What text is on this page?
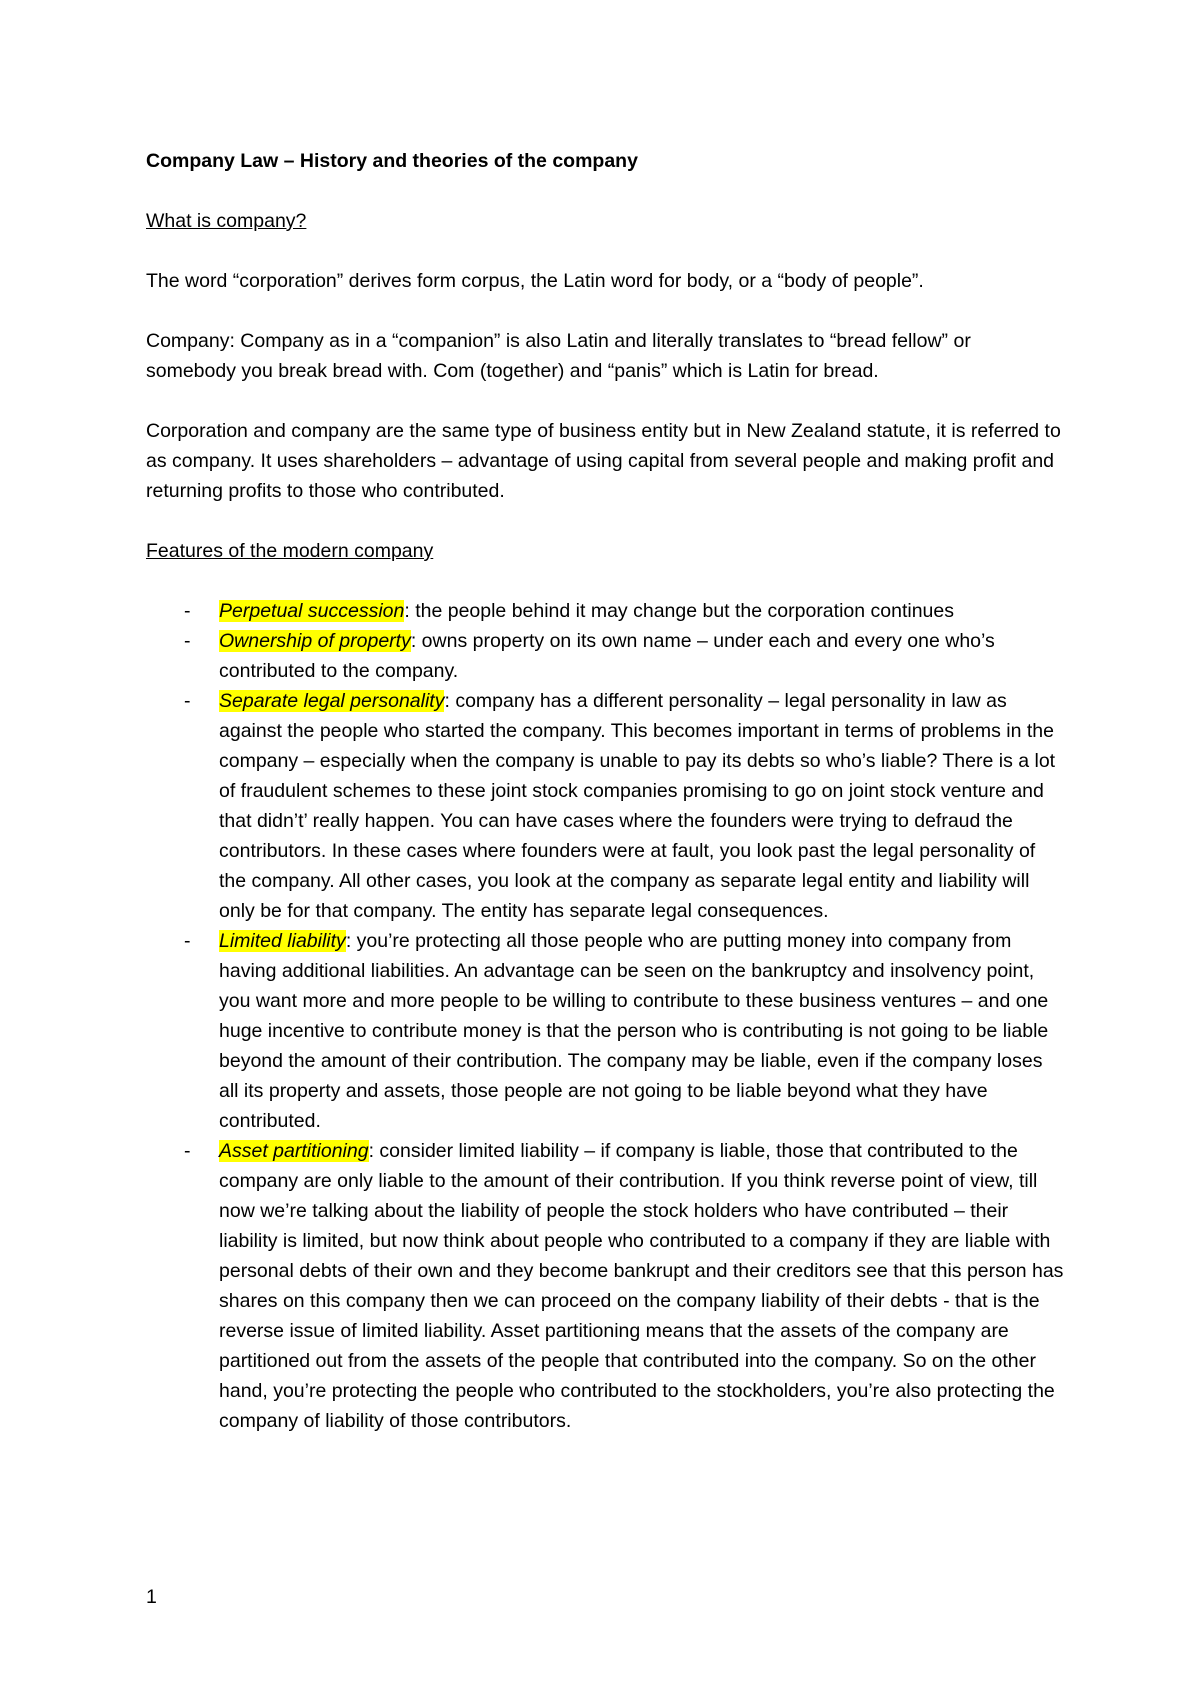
Company Law – History and theories of the company

What is company?

The word “corporation” derives form corpus, the Latin word for body, or a “body of people”.

Company: Company as in a “companion” is also Latin and literally translates to “bread fellow” or somebody you break bread with. Com (together) and “panis” which is Latin for bread.

Corporation and company are the same type of business entity but in New Zealand statute, it is referred to as company. It uses shareholders – advantage of using capital from several people and making profit and returning profits to those who contributed.

Features of the modern company

- Perpetual succession: the people behind it may change but the corporation continues
- Ownership of property: owns property on its own name – under each and every one who’s contributed to the company.
- Separate legal personality: company has a different personality – legal personality in law as against the people who started the company. This becomes important in terms of problems in the company – especially when the company is unable to pay its debts so who’s liable? There is a lot of fraudulent schemes to these joint stock companies promising to go on joint stock venture and that didn’t’ really happen. You can have cases where the founders were trying to defraud the contributors. In these cases where founders were at fault, you look past the legal personality of the company. All other cases, you look at the company as separate legal entity and liability will only be for that company. The entity has separate legal consequences.
- Limited liability: you’re protecting all those people who are putting money into company from having additional liabilities. An advantage can be seen on the bankruptcy and insolvency point, you want more and more people to be willing to contribute to these business ventures – and one huge incentive to contribute money is that the person who is contributing is not going to be liable beyond the amount of their contribution. The company may be liable, even if the company loses all its property and assets, those people are not going to be liable beyond what they have contributed.
- Asset partitioning: consider limited liability – if company is liable, those that contributed to the company are only liable to the amount of their contribution. If you think reverse point of view, till now we’re talking about the liability of people the stock holders who have contributed – their liability is limited, but now think about people who contributed to a company if they are liable with personal debts of their own and they become bankrupt and their creditors see that this person has shares on this company then we can proceed on the company liability of their debts - that is the reverse issue of limited liability. Asset partitioning means that the assets of the company are partitioned out from the assets of the people that contributed into the company. So on the other hand, you’re protecting the people who contributed to the stockholders, you’re also protecting the company of liability of those contributors.
1
